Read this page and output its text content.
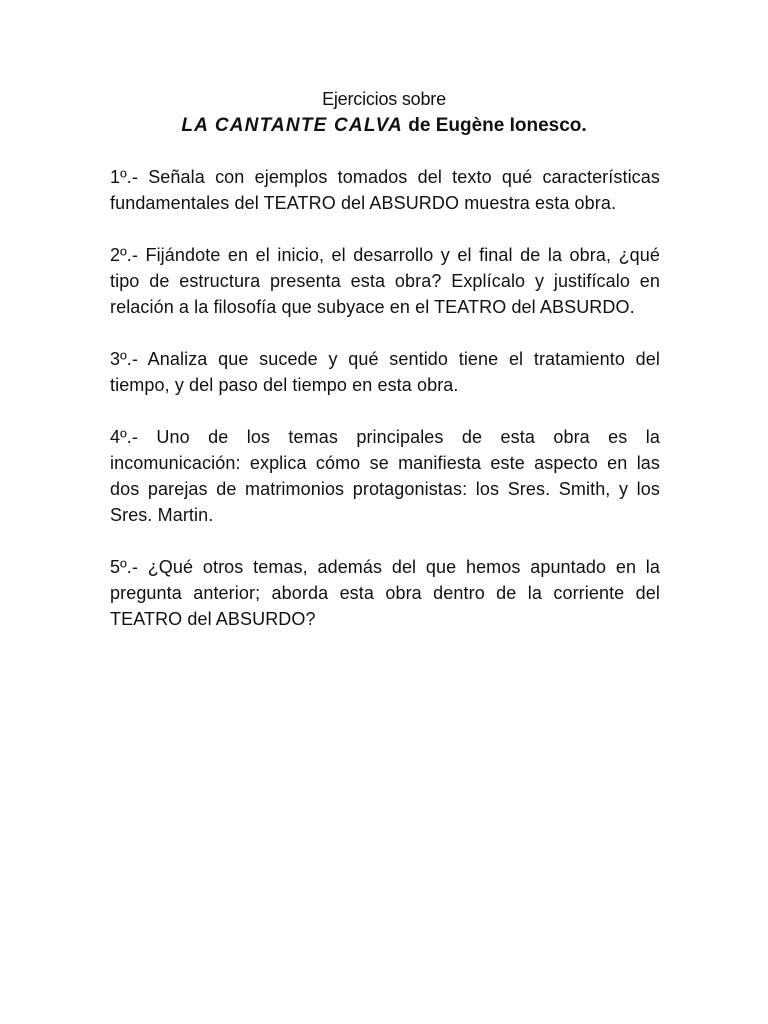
Ejercicios sobre
LA CANTANTE CALVA de Eugène Ionesco.

1º.- Señala con ejemplos tomados del texto qué características fundamentales del TEATRO del ABSURDO muestra esta obra.

2º.- Fijándote en el inicio, el desarrollo y el final de la obra, ¿qué tipo de estructura presenta esta obra? Explícalo y justifícalo en relación a la filosofía que subyace en el TEATRO del ABSURDO.

3º.- Analiza que sucede y qué sentido tiene el tratamiento del tiempo, y del paso del tiempo en esta obra.

4º.- Uno de los temas principales de esta obra es la incomunicación: explica cómo se manifiesta este aspecto en las dos parejas de matrimonios protagonistas: los Sres. Smith, y los Sres. Martin.

5º.- ¿Qué otros temas, además del que hemos apuntado en la pregunta anterior; aborda esta obra dentro de la corriente del TEATRO del ABSURDO?
